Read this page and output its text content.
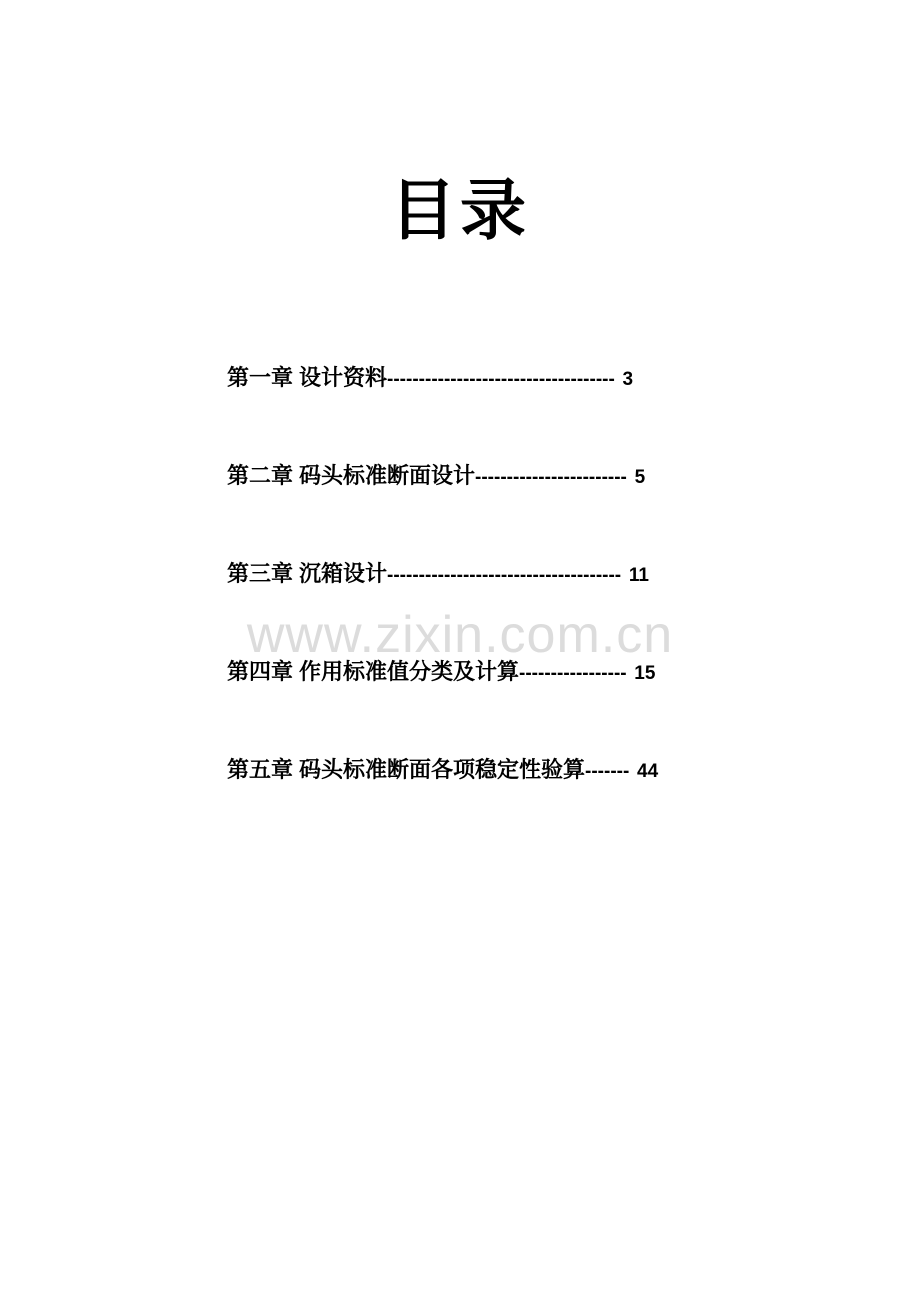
目录
www.zixin.com.cn
第一章 设计资料------------------------------------ 3
第二章 码头标准断面设计------------------------ 5
第三章 沉箱设计------------------------------------- 11
第四章 作用标准值分类及计算----------------- 15
第五章 码头标准断面各项稳定性验算------- 44
